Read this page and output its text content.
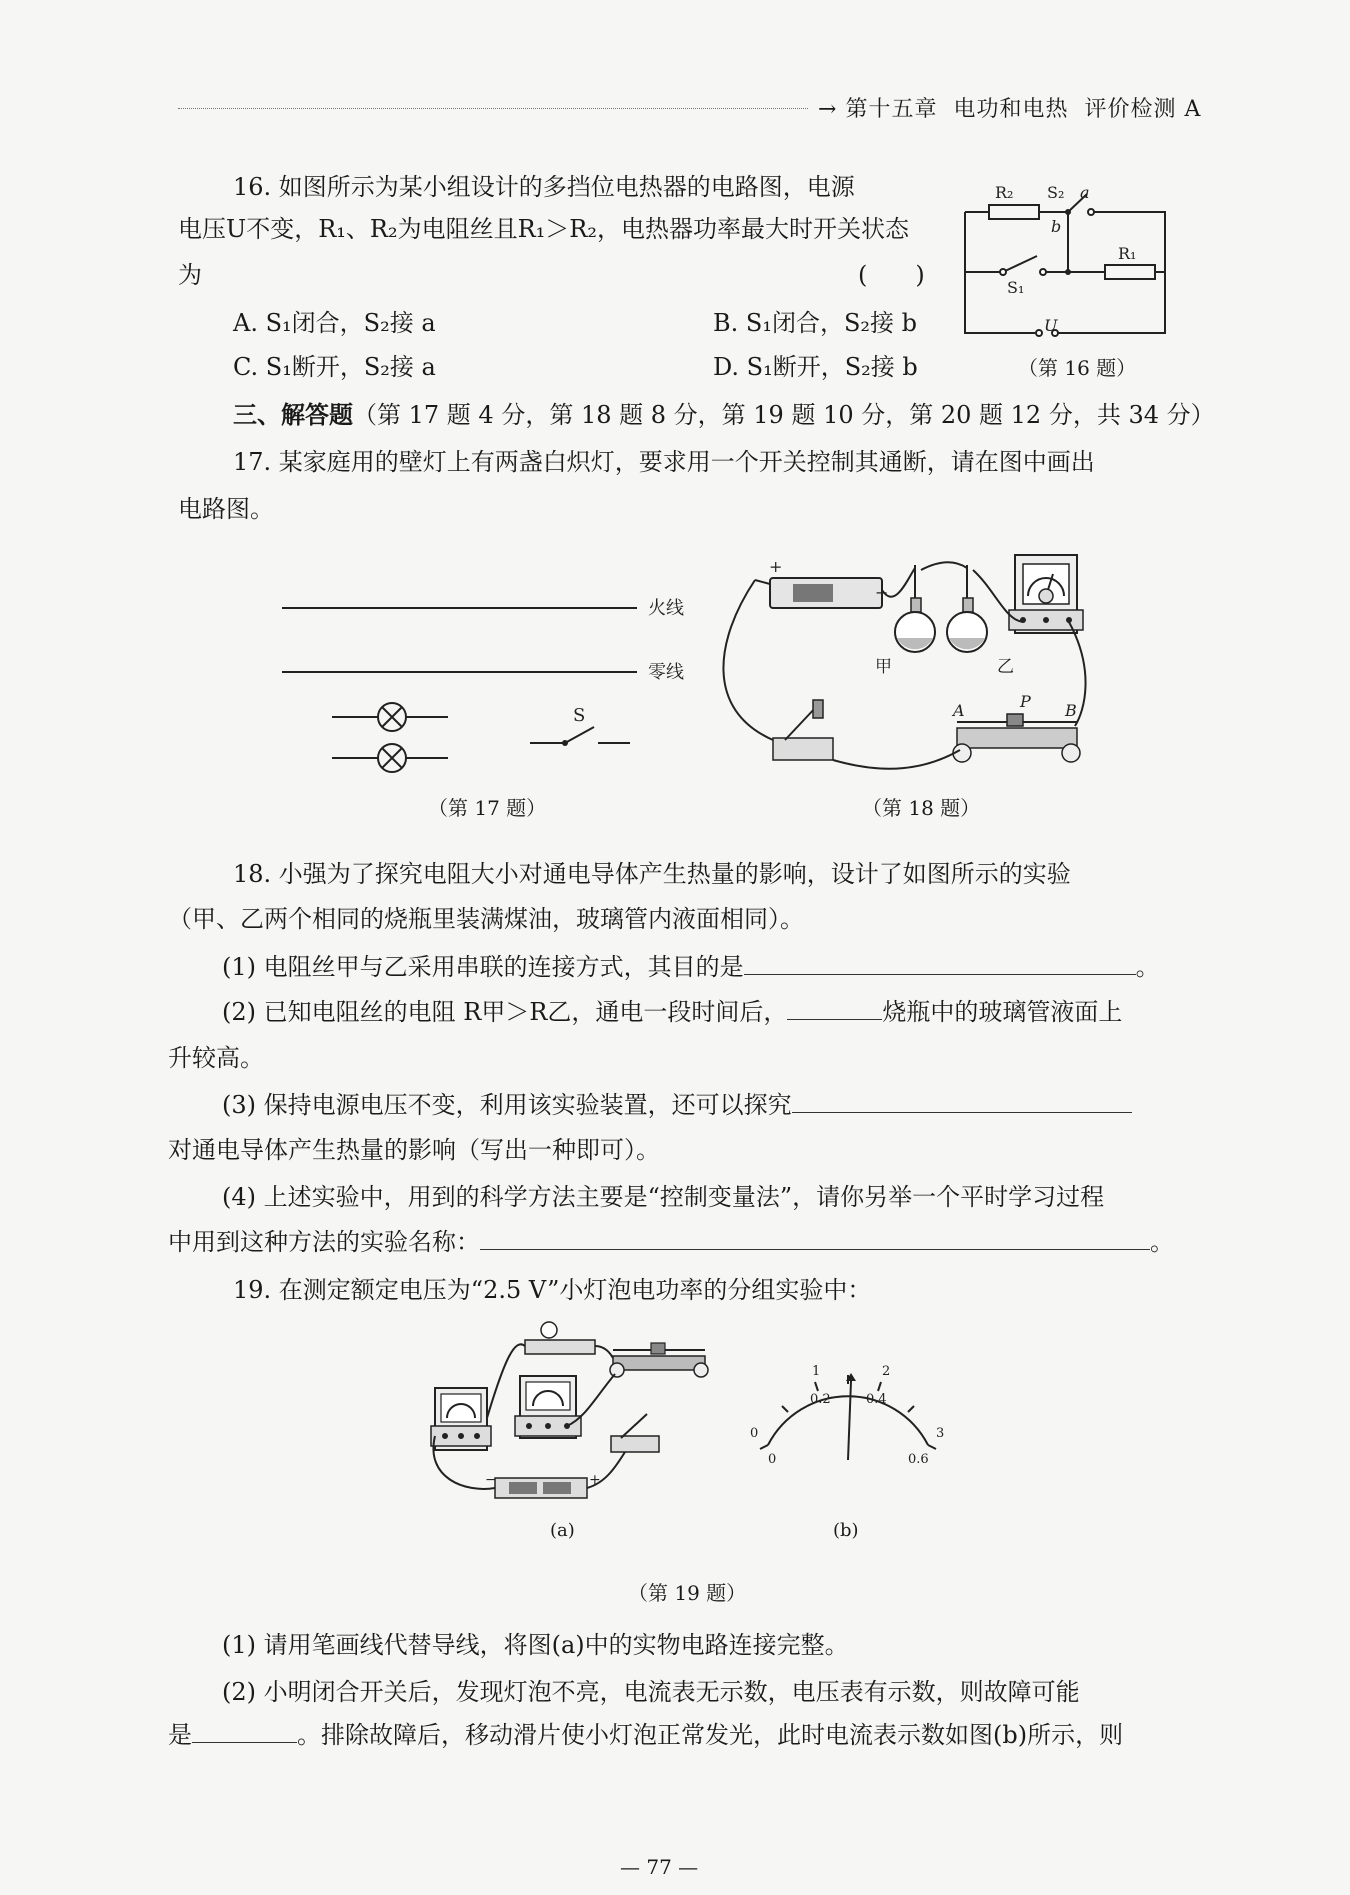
→ 第十五章 电功和电热 评价检测 A
16. 如图所示为某小组设计的多挡位电热器的电路图，电源
电压U不变，R₁、R₂为电阻丝且R₁＞R₂，电热器功率最大时开关状态
为	(　　)
A. S₁闭合，S₂接 a	B. S₁闭合，S₂接 b
C. S₁断开，S₂接 a	D. S₁断开，S₂接 b
R₂ S₂ a
b
R₁
S₁
U
（第 16 题）
三、解答题（第 17 题 4 分，第 18 题 8 分，第 19 题 10 分，第 20 题 12 分，共 34 分）
17. 某家庭用的壁灯上有两盏白炽灯，要求用一个开关控制其通断，请在图中画出
电路图。
火线
零线
S
（第 17 题）
+
−
甲	乙
A	P B
（第 18 题）
18. 小强为了探究电阻大小对通电导体产生热量的影响，设计了如图所示的实验
（甲、乙两个相同的烧瓶里装满煤油，玻璃管内液面相同）。
(1) 电阻丝甲与乙采用串联的连接方式，其目的是	。
(2) 已知电阻丝的电阻 R甲＞R乙，通电一段时间后，	烧瓶中的玻璃管液面上
升较高。
(3) 保持电源电压不变，利用该实验装置，还可以探究
对通电导体产生热量的影响（写出一种即可）。
(4) 上述实验中，用到的科学方法主要是“控制变量法”，请你另举一个平时学习过程
中用到这种方法的实验名称：	。
19. 在测定额定电压为“2.5 V”小灯泡电功率的分组实验中：
−	+
0
1	2
3
0
0.2	0.4
0.6
(a)	(b)
（第 19 题）
(1) 请用笔画线代替导线，将图(a)中的实物电路连接完整。
(2) 小明闭合开关后，发现灯泡不亮，电流表无示数，电压表有示数，则故障可能
是	。排除故障后，移动滑片使小灯泡正常发光，此时电流表示数如图(b)所示，则
— 77 —
